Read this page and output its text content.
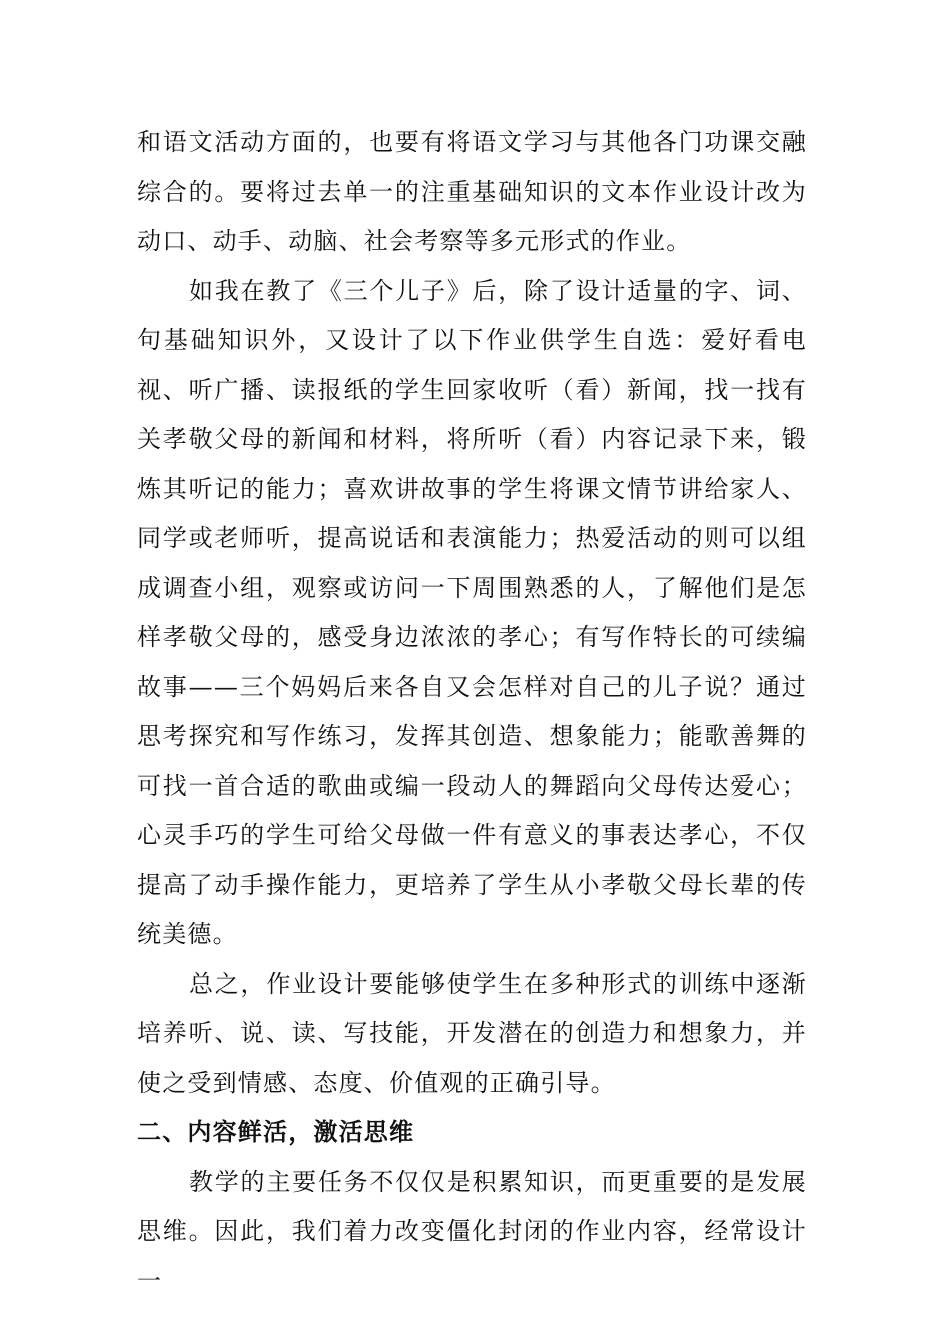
和语文活动方面的，也要有将语文学习与其他各门功课交融综合的。要将过去单一的注重基础知识的文本作业设计改为动口、动手、动脑、社会考察等多元形式的作业。

如我在教了《三个儿子》后，除了设计适量的字、词、句基础知识外，又设计了以下作业供学生自选：爱好看电视、听广播、读报纸的学生回家收听（看）新闻，找一找有关孝敬父母的新闻和材料，将所听（看）内容记录下来，锻炼其听记的能力；喜欢讲故事的学生将课文情节讲给家人、同学或老师听，提高说话和表演能力；热爱活动的则可以组成调查小组，观察或访问一下周围熟悉的人，了解他们是怎样孝敬父母的，感受身边浓浓的孝心；有写作特长的可续编故事——三个妈妈后来各自又会怎样对自己的儿子说？通过思考探究和写作练习，发挥其创造、想象能力；能歌善舞的可找一首合适的歌曲或编一段动人的舞蹈向父母传达爱心；心灵手巧的学生可给父母做一件有意义的事表达孝心，不仅提高了动手操作能力，更培养了学生从小孝敬父母长辈的传统美德。

总之，作业设计要能够使学生在多种形式的训练中逐渐培养听、说、读、写技能，开发潜在的创造力和想象力，并使之受到情感、态度、价值观的正确引导。

二、内容鲜活，激活思维

教学的主要任务不仅仅是积累知识，而更重要的是发展思维。因此，我们着力改变僵化封闭的作业内容，经常设计一
